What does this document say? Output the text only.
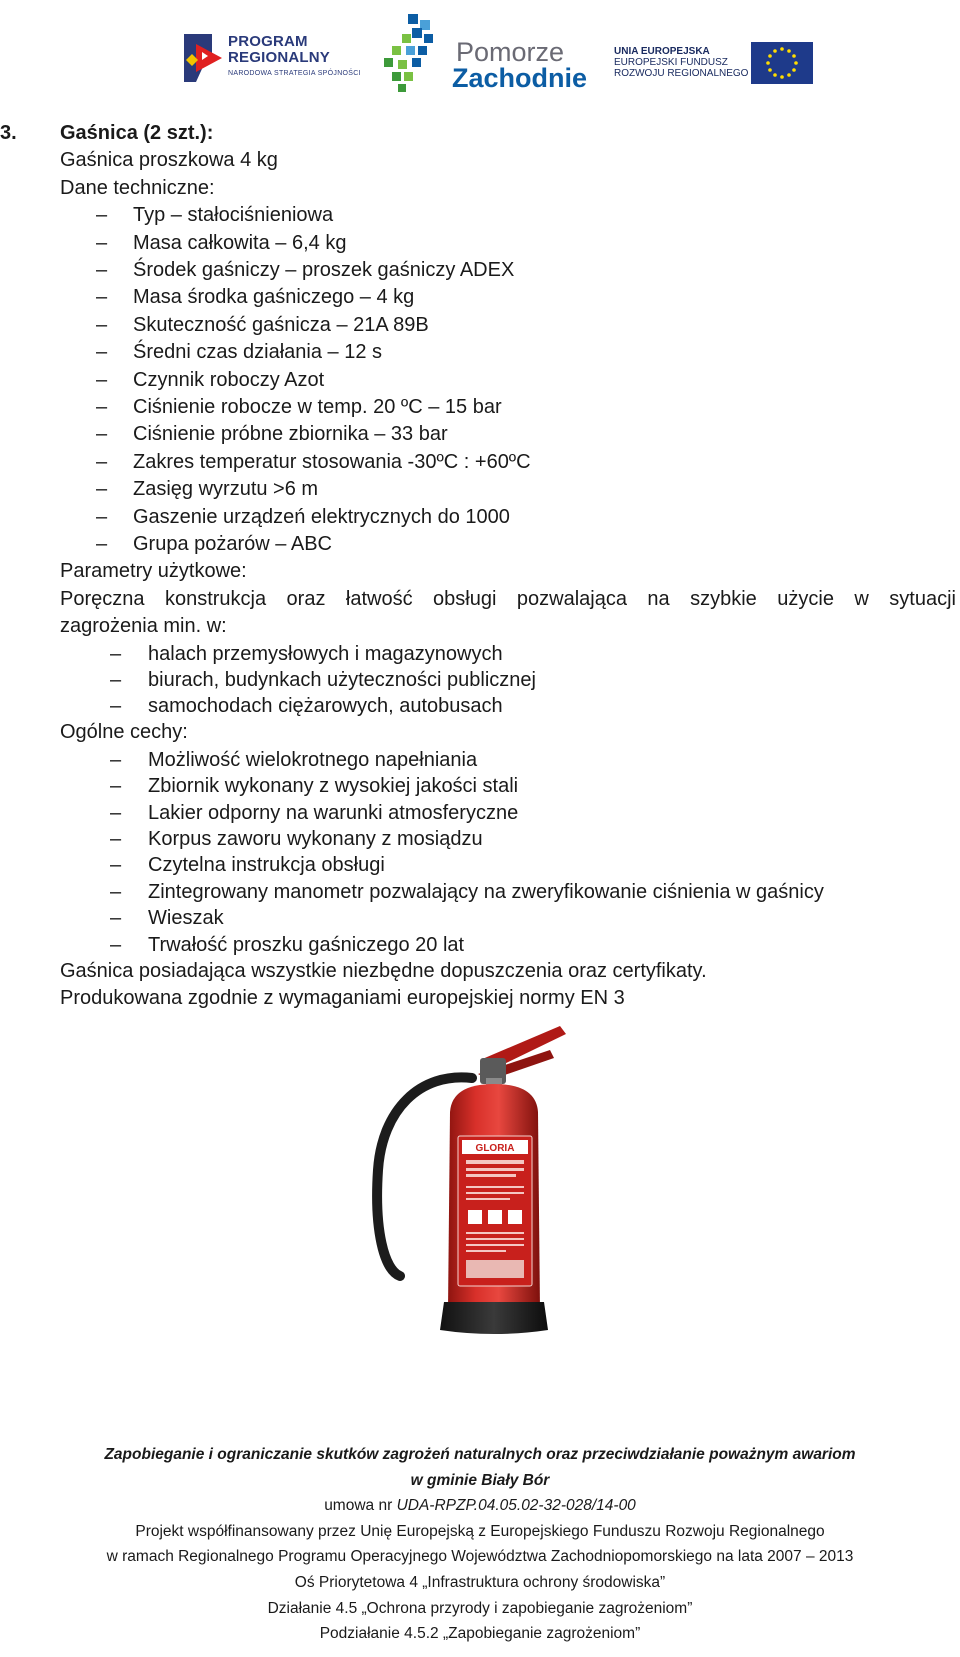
PROGRAM
REGIONALNY
NARODOWA STRATEGIA SPÓJNOŚCI
Pomorze
Zachodnie
UNIA EUROPEJSKA
EUROPEJSKI FUNDUSZ
ROZWOJU REGIONALNEGO
3. Gaśnica (2 szt.):
Gaśnica proszkowa 4 kg
Dane techniczne:
– Typ – stałociśnieniowa
– Masa całkowita – 6,4 kg
– Środek gaśniczy – proszek gaśniczy ADEX
– Masa środka gaśniczego – 4 kg
– Skuteczność gaśnicza – 21A 89B
– Średni czas działania – 12 s
– Czynnik roboczy Azot
– Ciśnienie robocze w temp. 20 ºC – 15 bar
– Ciśnienie próbne zbiornika – 33 bar
– Zakres temperatur stosowania -30ºC : +60ºC
– Zasięg wyrzutu >6 m
– Gaszenie urządzeń elektrycznych do 1000
– Grupa pożarów – ABC
Parametry użytkowe:
Poręczna konstrukcja oraz łatwość obsługi pozwalająca na szybkie użycie w sytuacji
zagrożenia min. w:
– halach przemysłowych i magazynowych
– biurach, budynkach użyteczności publicznej
– samochodach ciężarowych, autobusach
Ogólne cechy:
– Możliwość wielokrotnego napełniania
– Zbiornik wykonany z wysokiej jakości stali
– Lakier odporny na warunki atmosferyczne
– Korpus zaworu wykonany z mosiądzu
– Czytelna instrukcja obsługi
– Zintegrowany manometr pozwalający na zweryfikowanie ciśnienia w gaśnicy
– Wieszak
– Trwałość proszku gaśniczego 20 lat
Gaśnica posiadająca wszystkie niezbędne dopuszczenia oraz certyfikaty.
Produkowana zgodnie z wymaganiami europejskiej normy EN 3
GLORIA
Zapobieganie i ograniczanie skutków zagrożeń naturalnych oraz przeciwdziałanie poważnym awariom
w gminie Biały Bór
umowa nr UDA-RPZP.04.05.02-32-028/14-00
Projekt współfinansowany przez Unię Europejską z Europejskiego Funduszu Rozwoju Regionalnego
w ramach Regionalnego Programu Operacyjnego Województwa Zachodniopomorskiego na lata 2007 – 2013
Oś Priorytetowa 4 „Infrastruktura ochrony środowiska”
Działanie 4.5 „Ochrona przyrody i zapobieganie zagrożeniom”
Podziałanie 4.5.2 „Zapobieganie zagrożeniom”
